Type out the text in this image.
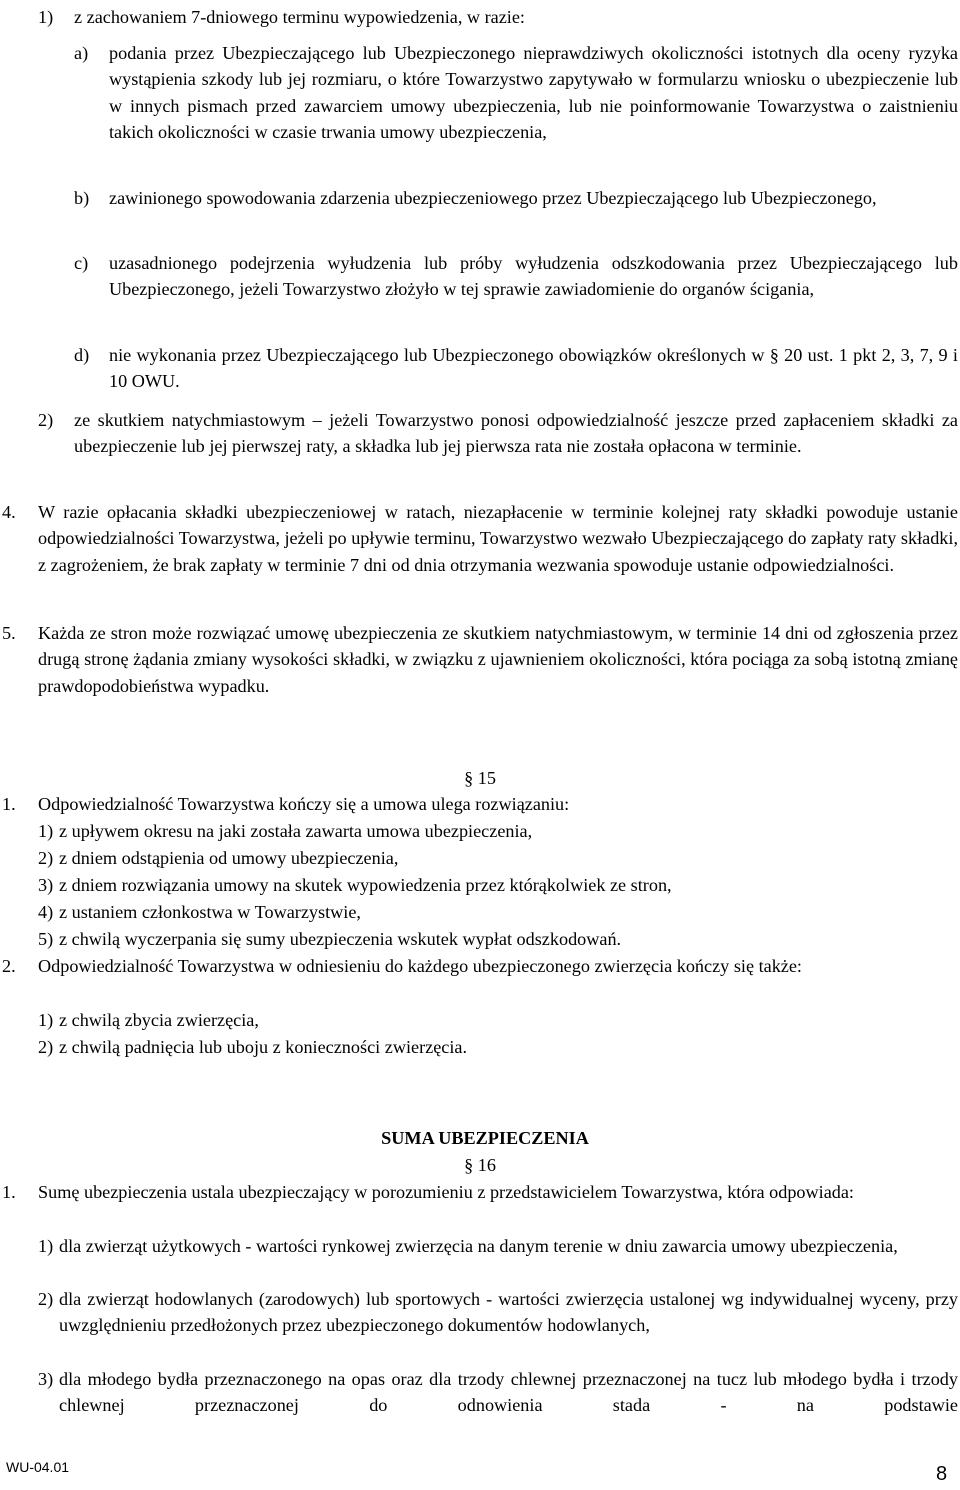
1)	z zachowaniem 7-dniowego terminu wypowiedzenia, w razie:
a)	podania przez Ubezpieczającego lub Ubezpieczonego nieprawdziwych okoliczności istotnych dla oceny ryzyka wystąpienia szkody lub jej rozmiaru, o które Towarzystwo zapytywało w formularzu wniosku o ubezpieczenie lub w innych pismach przed zawarciem umowy ubezpieczenia, lub nie poinformowanie Towarzystwa o zaistnieniu takich okoliczności w czasie trwania umowy ubezpieczenia,
b)	zawinionego spowodowania zdarzenia ubezpieczeniowego przez Ubezpieczającego lub Ubezpieczonego,
c)	uzasadnionego podejrzenia wyłudzenia lub próby wyłudzenia odszkodowania przez Ubezpieczającego lub Ubezpieczonego, jeżeli Towarzystwo złożyło w tej sprawie zawiadomienie do organów ścigania,
d)	nie wykonania przez Ubezpieczającego lub Ubezpieczonego obowiązków określonych w § 20 ust. 1 pkt 2, 3, 7, 9 i 10 OWU.
2)	ze skutkiem natychmiastowym – jeżeli Towarzystwo ponosi odpowiedzialność jeszcze przed zapłaceniem składki za ubezpieczenie lub jej pierwszej raty, a składka lub jej pierwsza rata nie została opłacona w terminie.
4.	W razie opłacania składki ubezpieczeniowej w ratach, niezapłacenie w terminie kolejnej raty składki powoduje ustanie odpowiedzialności Towarzystwa, jeżeli po upływie terminu, Towarzystwo wezwało Ubezpieczającego do zapłaty raty składki, z zagrożeniem, że brak zapłaty w terminie 7 dni od dnia otrzymania wezwania spowoduje ustanie odpowiedzialności.
5.	Każda ze stron może rozwiązać umowę ubezpieczenia ze skutkiem natychmiastowym, w terminie 14 dni od zgłoszenia przez drugą stronę żądania zmiany wysokości składki, w związku z ujawnieniem okoliczności, która pociąga za sobą istotną zmianę prawdopodobieństwa wypadku.
§ 15
1.	Odpowiedzialność Towarzystwa kończy się a umowa ulega rozwiązaniu:
1) z upływem okresu na jaki została zawarta umowa ubezpieczenia,
2) z dniem odstąpienia od umowy ubezpieczenia,
3) z dniem rozwiązania umowy na skutek wypowiedzenia przez którąkolwiek ze stron,
4) z ustaniem członkostwa w Towarzystwie,
5) z chwilą wyczerpania się sumy ubezpieczenia wskutek wypłat odszkodowań.
2.	Odpowiedzialność Towarzystwa w odniesieniu do każdego ubezpieczonego zwierzęcia kończy się także:
1) z chwilą zbycia zwierzęcia,
2) z chwilą padnięcia lub uboju z konieczności zwierzęcia.
SUMA UBEZPIECZENIA
§ 16
1.	Sumę ubezpieczenia ustala ubezpieczający w porozumieniu z przedstawicielem Towarzystwa, która odpowiada:
1) dla zwierząt użytkowych - wartości rynkowej zwierzęcia na danym terenie w dniu zawarcia umowy ubezpieczenia,
2) dla zwierząt hodowlanych (zarodowych) lub sportowych - wartości zwierzęcia ustalonej wg indywidualnej wyceny, przy uwzględnieniu przedłożonych przez ubezpieczonego dokumentów hodowlanych,
3) dla młodego bydła przeznaczonego na opas oraz dla trzody chlewnej przeznaczonej na tucz lub młodego bydła i trzody chlewnej przeznaczonej do odnowienia stada - na podstawie
WU-04.01	8
